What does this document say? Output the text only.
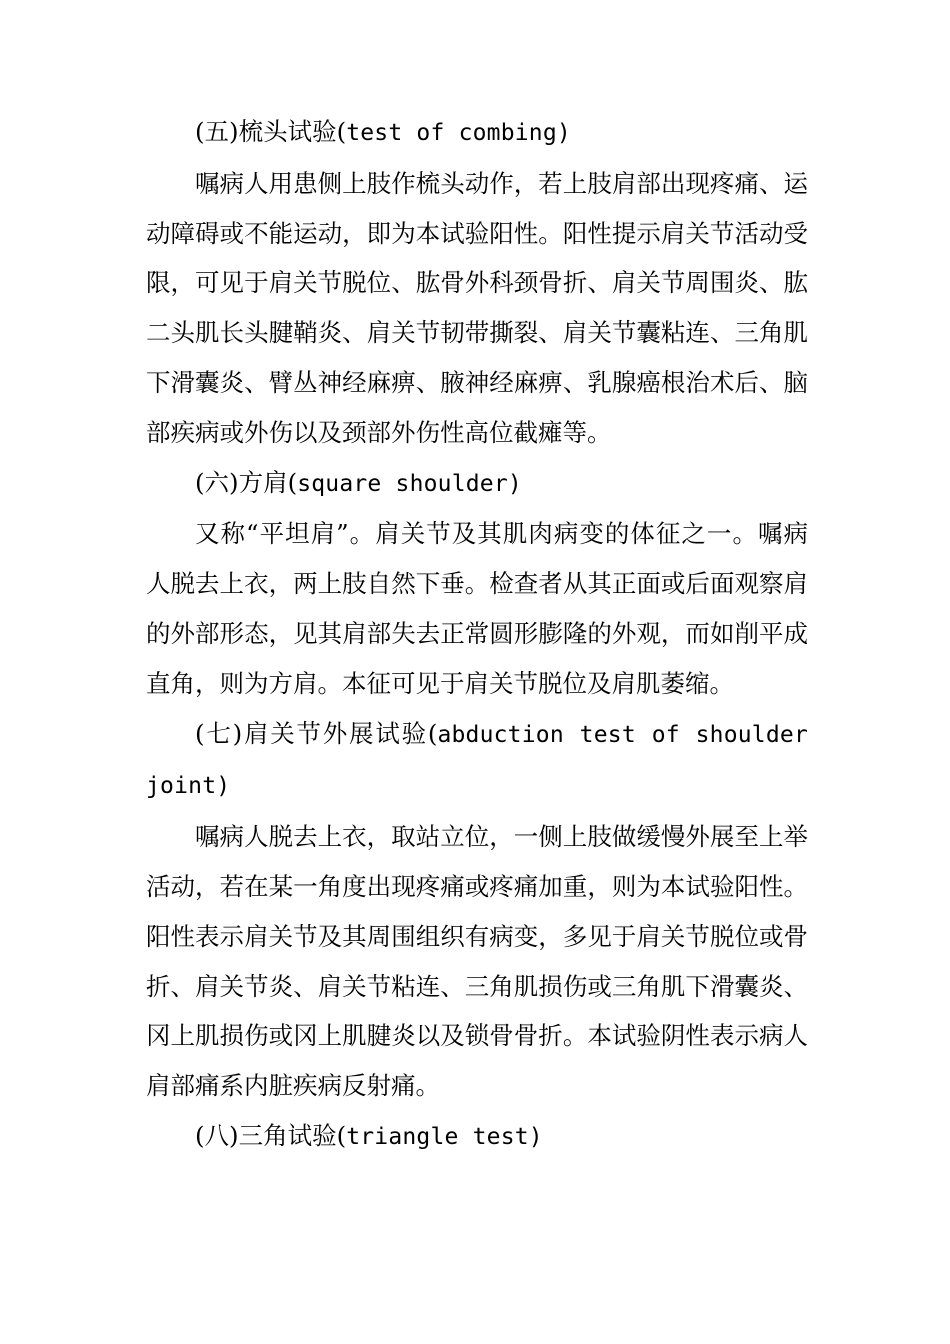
(五)梳头试验(test of combing)

嘱病人用患侧上肢作梳头动作，若上肢肩部出现疼痛、运动障碍或不能运动，即为本试验阳性。阳性提示肩关节活动受限，可见于肩关节脱位、肱骨外科颈骨折、肩关节周围炎、肱二头肌长头腱鞘炎、肩关节韧带撕裂、肩关节囊粘连、三角肌下滑囊炎、臂丛神经麻痹、腋神经麻痹、乳腺癌根治术后、脑部疾病或外伤以及颈部外伤性高位截瘫等。

(六)方肩(square shoulder)

又称“平坦肩”。肩关节及其肌肉病变的体征之一。嘱病人脱去上衣，两上肢自然下垂。检查者从其正面或后面观察肩的外部形态，见其肩部失去正常圆形膨隆的外观，而如削平成直角，则为方肩。本征可见于肩关节脱位及肩肌萎缩。

(七)肩关节外展试验(abduction test of shoulder joint)

嘱病人脱去上衣，取站立位，一侧上肢做缓慢外展至上举活动，若在某一角度出现疼痛或疼痛加重，则为本试验阳性。阳性表示肩关节及其周围组织有病变，多见于肩关节脱位或骨折、肩关节炎、肩关节粘连、三角肌损伤或三角肌下滑囊炎、冈上肌损伤或冈上肌腱炎以及锁骨骨折。本试验阴性表示病人肩部痛系内脏疾病反射痛。

(八)三角试验(triangle test)
